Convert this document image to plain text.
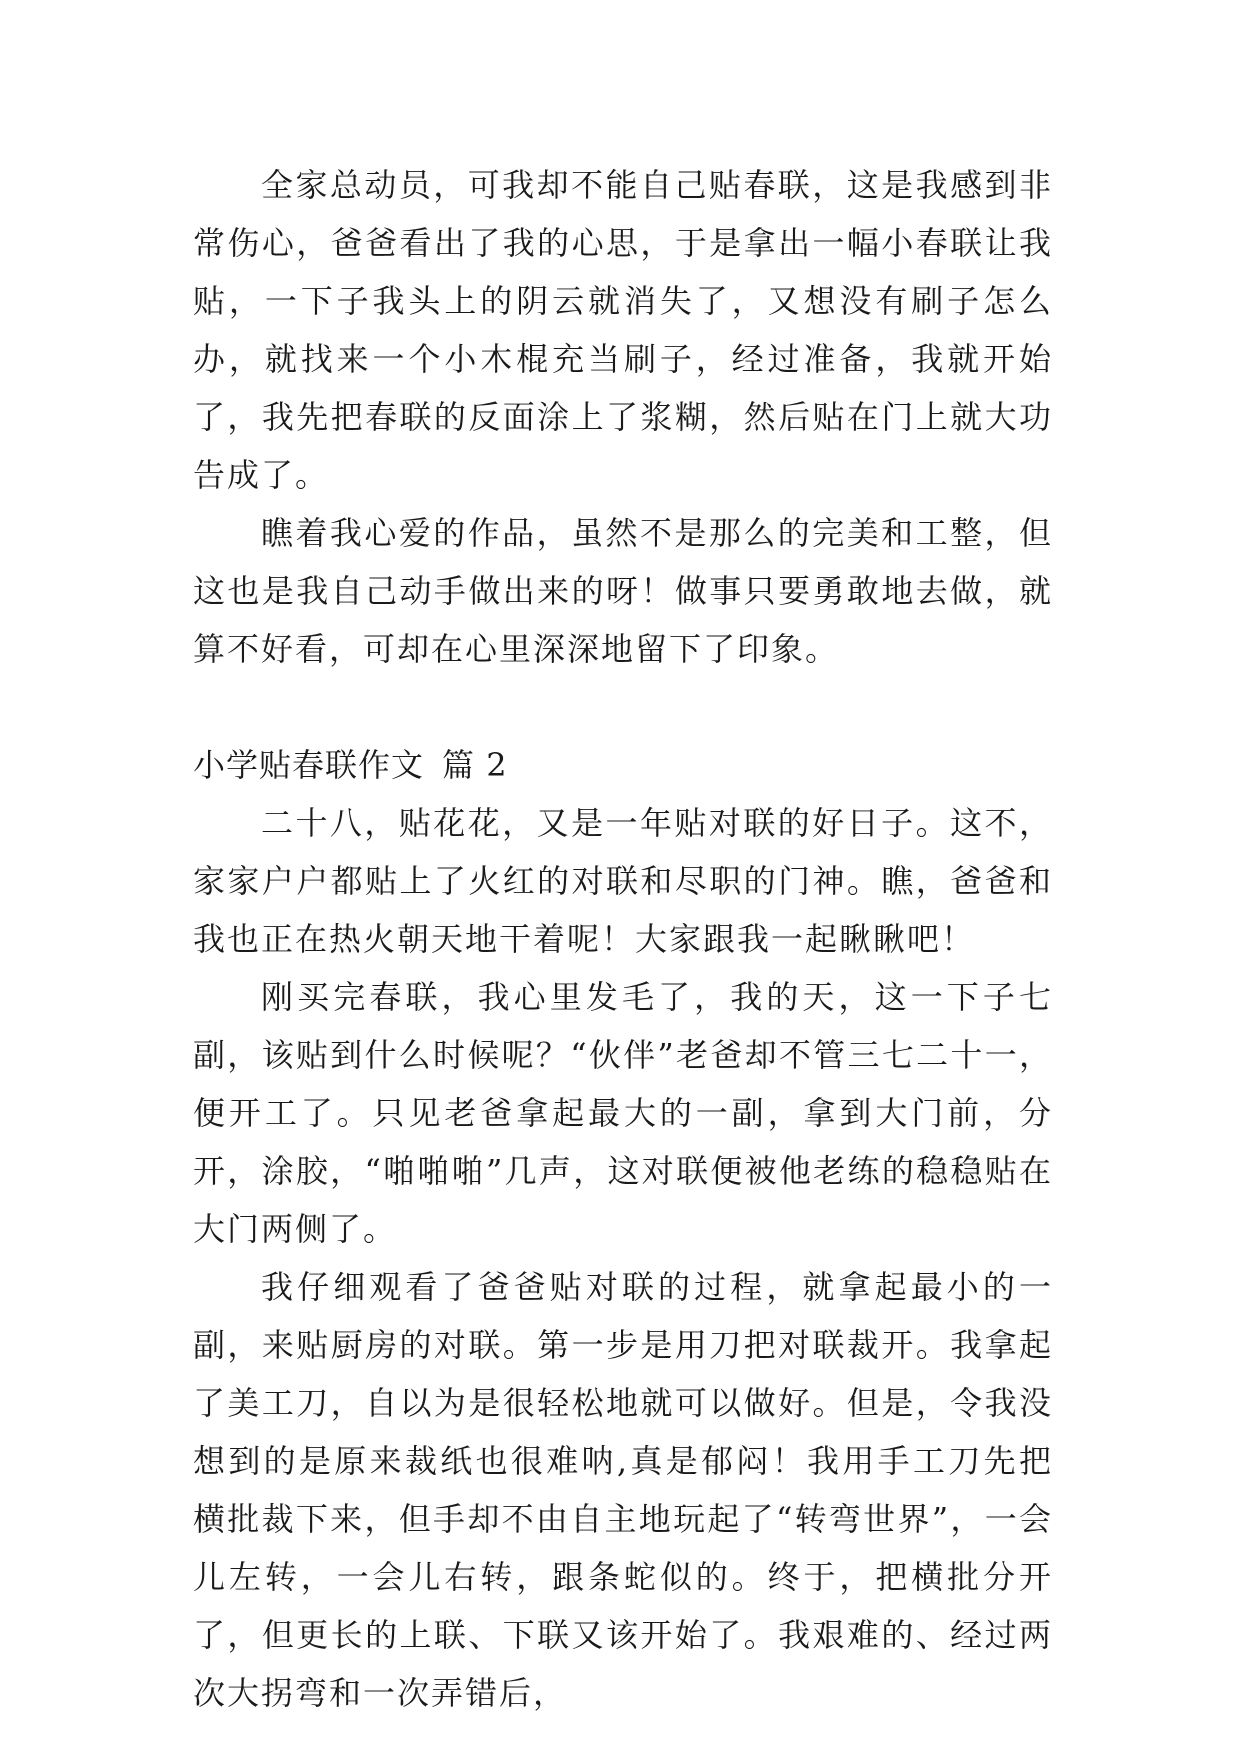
全家总动员，可我却不能自己贴春联，这是我感到非常伤心，爸爸看出了我的心思，于是拿出一幅小春联让我贴，一下子我头上的阴云就消失了，又想没有刷子怎么办，就找来一个小木棍充当刷子，经过准备，我就开始了，我先把春联的反面涂上了浆糊，然后贴在门上就大功告成了。

瞧着我心爱的作品，虽然不是那么的完美和工整，但这也是我自己动手做出来的呀！做事只要勇敢地去做，就算不好看，可却在心里深深地留下了印象。

小学贴春联作文 篇 2

二十八，贴花花，又是一年贴对联的好日子。这不，家家户户都贴上了火红的对联和尽职的门神。瞧，爸爸和我也正在热火朝天地干着呢！大家跟我一起瞅瞅吧！

刚买完春联，我心里发毛了，我的天，这一下子七副，该贴到什么时候呢？“伙伴”老爸却不管三七二十一，便开工了。只见老爸拿起最大的一副，拿到大门前，分开，涂胶，“啪啪啪”几声，这对联便被他老练的稳稳贴在大门两侧了。

我仔细观看了爸爸贴对联的过程，就拿起最小的一副，来贴厨房的对联。第一步是用刀把对联裁开。我拿起了美工刀，自以为是很轻松地就可以做好。但是，令我没想到的是原来裁纸也很难呐,真是郁闷！我用手工刀先把横批裁下来，但手却不由自主地玩起了“转弯世界”，一会儿左转，一会儿右转，跟条蛇似的。终于，把横批分开了，但更长的上联、下联又该开始了。我艰难的、经过两次大拐弯和一次弄错后，
